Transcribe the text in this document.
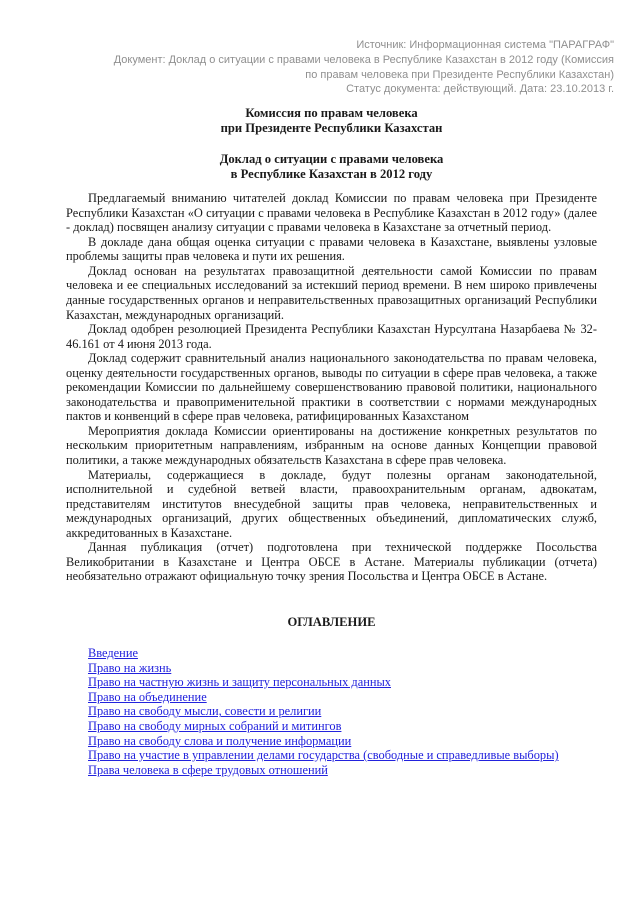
Источник: Информационная система "ПАРАГРАФ"
Документ: Доклад о ситуации с правами человека в Республике Казахстан в 2012 году (Комиссия по правам человека при Президенте Республики Казахстан)
Статус документа: действующий. Дата: 23.10.2013 г.
Комиссия по правам человека
при Президенте Республики Казахстан
Доклад о ситуации с правами человека
в Республике Казахстан в 2012 году

Предлагаемый вниманию читателей доклад Комиссии по правам человека при Президенте Республики Казахстан «О ситуации с правами человека в Республике Казахстан в 2012 году» (далее - доклад) посвящен анализу ситуации с правами человека в Казахстане за отчетный период.

В докладе дана общая оценка ситуации с правами человека в Казахстане, выявлены узловые проблемы защиты прав человека и пути их решения.

Доклад основан на результатах правозащитной деятельности самой Комиссии по правам человека и ее специальных исследований за истекший период времени. В нем широко привлечены данные государственных органов и неправительственных правозащитных организаций Республики Казахстан, международных организаций.

Доклад одобрен резолюцией Президента Республики Казахстан Нурсултана Назарбаева № 32-46.161 от 4 июня 2013 года.

Доклад содержит сравнительный анализ национального законодательства по правам человека, оценку деятельности государственных органов, выводы по ситуации в сфере прав человека, а также рекомендации Комиссии по дальнейшему совершенствованию правовой политики, национального законодательства и правоприменительной практики в соответствии с нормами международных пактов и конвенций в сфере прав человека, ратифицированных Казахстаном

Мероприятия доклада Комиссии ориентированы на достижение конкретных результатов по нескольким приоритетным направлениям, избранным на основе данных Концепции правовой политики, а также международных обязательств Казахстана в сфере прав человека.

Материалы, содержащиеся в докладе, будут полезны органам законодательной, исполнительной и судебной ветвей власти, правоохранительным органам, адвокатам, представителям институтов внесудебной защиты прав человека, неправительственных и международных организаций, других общественных объединений, дипломатических служб, аккредитованных в Казахстане.

Данная публикация (отчет) подготовлена при технической поддержке Посольства Великобритании в Казахстане и Центра ОБСЕ в Астане. Материалы публикации (отчета) необязательно отражают официальную точку зрения Посольства и Центра ОБСЕ в Астане.

ОГЛАВЛЕНИЕ

Введение

Право на жизнь

Право на частную жизнь и защиту персональных данных

Право на объединение

Право на свободу мысли, совести и религии

Право на свободу мирных собраний и митингов

Право на свободу слова и получение информации

Право на участие в управлении делами государства (свободные и справедливые выборы)

Права человека в сфере трудовых отношений
